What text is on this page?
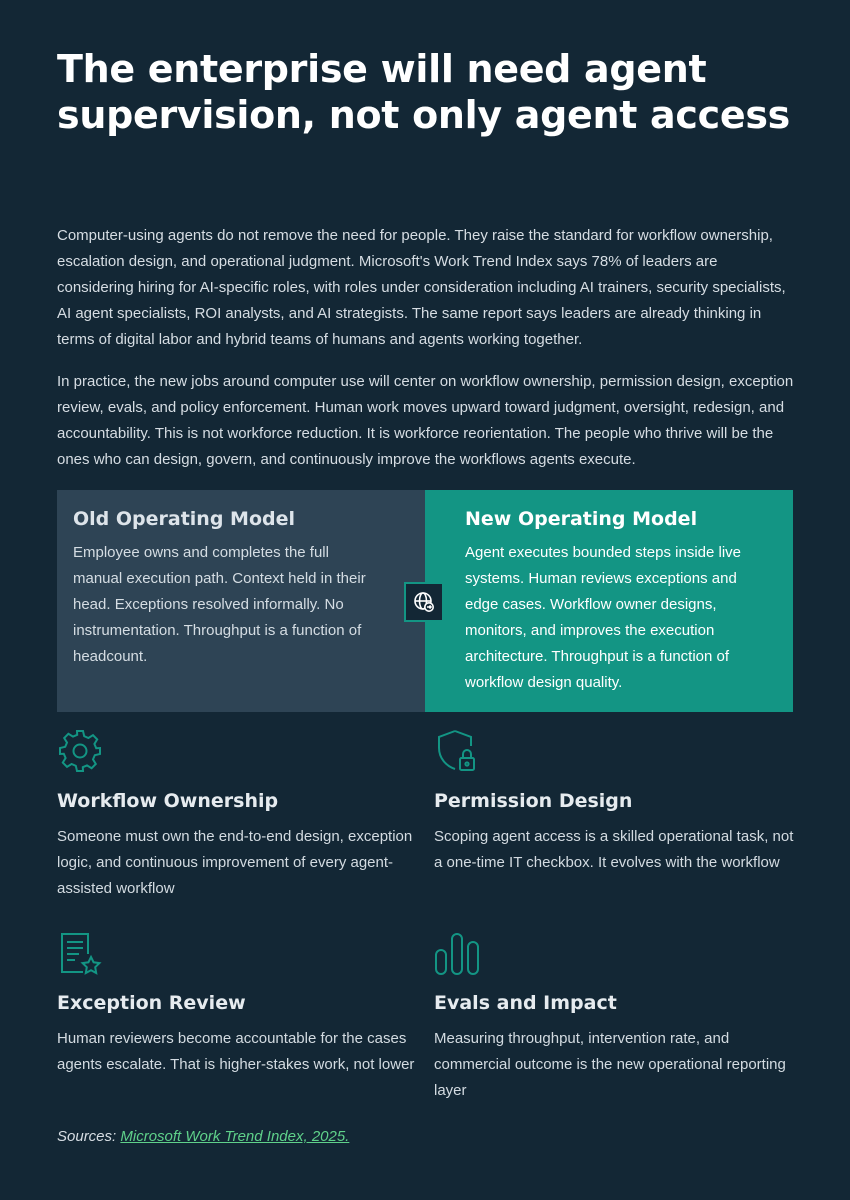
The enterprise will need agent supervision, not only agent access

Computer-using agents do not remove the need for people. They raise the standard for workflow ownership, escalation design, and operational judgment. Microsoft's Work Trend Index says 78% of leaders are considering hiring for AI-specific roles, with roles under consideration including AI trainers, security specialists, AI agent specialists, ROI analysts, and AI strategists. The same report says leaders are already thinking in terms of digital labor and hybrid teams of humans and agents working together.

In practice, the new jobs around computer use will center on workflow ownership, permission design, exception review, evals, and policy enforcement. Human work moves upward toward judgment, oversight, redesign, and accountability. This is not workforce reduction. It is workforce reorientation. The people who thrive will be the ones who can design, govern, and continuously improve the workflows agents execute.

Old Operating Model
Employee owns and completes the full manual execution path. Context held in their head. Exceptions resolved informally. No instrumentation. Throughput is a function of headcount.
New Operating Model
Agent executes bounded steps inside live systems. Human reviews exceptions and edge cases. Workflow owner designs, monitors, and improves the execution architecture. Throughput is a function of workflow design quality.
Workflow Ownership
Someone must own the end-to-end design, exception logic, and continuous improvement of every agent-assisted workflow
Permission Design
Scoping agent access is a skilled operational task, not a one-time IT checkbox. It evolves with the workflow
Exception Review
Human reviewers become accountable for the cases agents escalate. That is higher-stakes work, not lower
Evals and Impact
Measuring throughput, intervention rate, and commercial outcome is the new operational reporting layer
Sources: Microsoft Work Trend Index, 2025.
